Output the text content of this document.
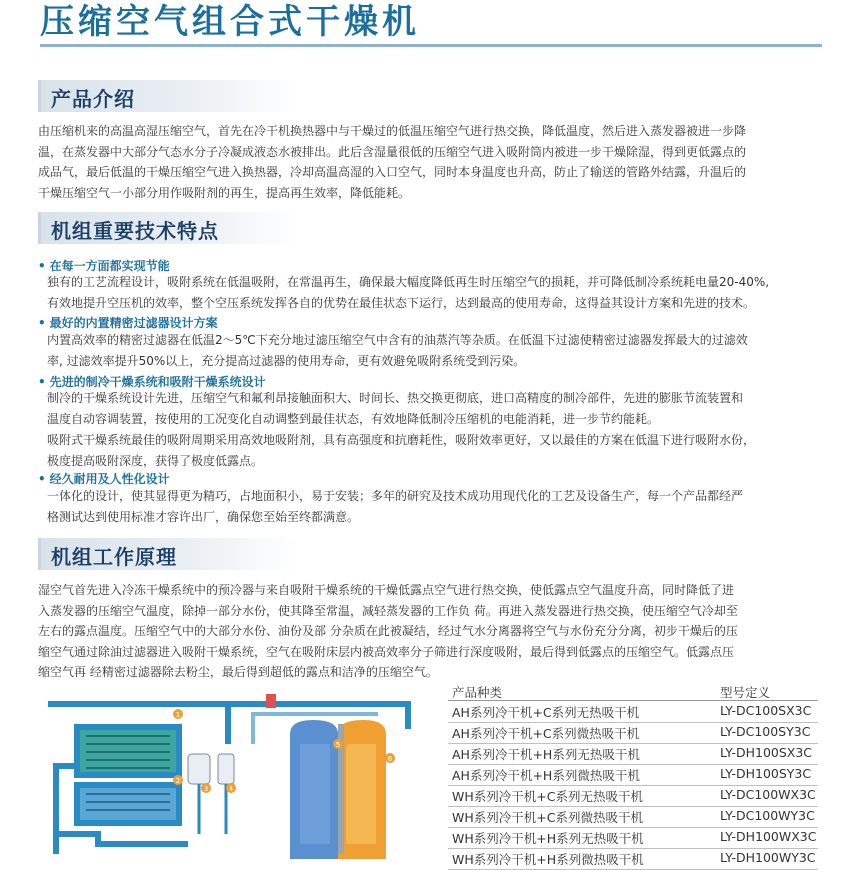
压缩空气组合式干燥机
产品介绍
由压缩机来的高温高湿压缩空气，首先在冷干机换热器中与干燥过的低温压缩空气进行热交换，降低温度，然后进入蒸发器被进一步降
温，在蒸发器中大部分气态水分子冷凝成液态水被排出。此后含湿量很低的压缩空气进入吸附筒内被进一步干燥除湿，得到更低露点的
成品气，最后低温的干燥压缩空气进入换热器，冷却高温高湿的入口空气，同时本身温度也升高，防止了输送的管路外结露，升温后的
干燥压缩空气一小部分用作吸附剂的再生，提高再生效率，降低能耗。
机组重要技术特点
• 在每一方面都实现节能
独有的工艺流程设计，吸附系统在低温吸附，在常温再生，确保最大幅度降低再生时压缩空气的损耗，并可降低制冷系统耗电量20-40%,
有效地提升空压机的效率，整个空压系统发挥各自的优势在最佳状态下运行，达到最高的使用寿命，这得益其设计方案和先进的技术。
• 最好的内置精密过滤器设计方案
内置高效率的精密过滤器在低温2～5℃下充分地过滤压缩空气中含有的油蒸汽等杂质。在低温下过滤使精密过滤器发挥最大的过滤效
率, 过滤效率提升50%以上，充分提高过滤器的使用寿命，更有效避免吸附系统受到污染。
• 先进的制冷干燥系统和吸附干燥系统设计
制冷的干燥系统设计先进，压缩空气和氟利昂接触面积大、时间长、热交换更彻底，进口高精度的制冷部件，先进的膨胀节流装置和
温度自动容调装置，按使用的工况变化自动调整到最佳状态，有效地降低制冷压缩机的电能消耗，进一步节约能耗。
吸附式干燥系统最佳的吸附周期采用高效地吸附剂，具有高强度和抗磨耗性，吸附效率更好，又以最佳的方案在低温下进行吸附水份，
极度提高吸附深度，获得了极度低露点。
• 经久耐用及人性化设计
一体化的设计，使其显得更为精巧，占地面积小，易于安装；多年的研究及技术成功用现代化的工艺及设备生产，每一个产品都经严
格测试达到使用标准才容许出厂，确保您至始至终都满意。
机组工作原理
湿空气首先进入冷冻干燥系统中的预冷器与来自吸附干燥系统的干燥低露点空气进行热交换，使低露点空气温度升高，同时降低了进
入蒸发器的压缩空气温度，除掉一部分水份，使其降至常温，减轻蒸发器的工作负 荷。再进入蒸发器进行热交换，使压缩空气冷却至
左右的露点温度。压缩空气中的大部分水份、油份及部 分杂质在此被凝结，经过气水分离器将空气与水份充分分离，初步干燥后的压
缩空气通过除油过滤器进入吸附干燥系统，空气在吸附床层内被高效率分子筛进行深度吸附，最后得到低露点的压缩空气。低露点压
缩空气再 经精密过滤器除去粉尘，最后得到超低的露点和洁净的压缩空气。
3	4
6
5
1
2
产品种类	型号定义
AH系列冷干机+C系列无热吸干机	LY-DC100SX3C
AH系列冷干机+C系列微热吸干机	LY-DC100SY3C
AH系列冷干机+H系列无热吸干机	LY-DH100SX3C
AH系列冷干机+H系列微热吸干机	LY-DH100SY3C
WH系列冷干机+C系列无热吸干机	LY-DC100WX3C
WH系列冷干机+C系列微热吸干机	LY-DC100WY3C
WH系列冷干机+H系列无热吸干机	LY-DH100WX3C
WH系列冷干机+H系列微热吸干机	LY-DH100WY3C
